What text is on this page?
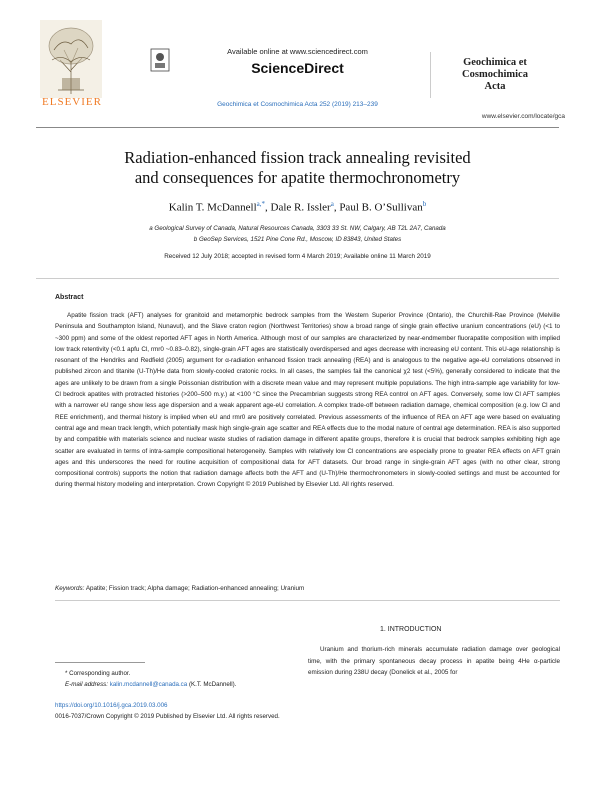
ELSEVIER
Available online at www.sciencedirect.com
ScienceDirect
Geochimica et Cosmochimica Acta 252 (2019) 213–239
Geochimica et
Cosmochimica
Acta
www.elsevier.com/locate/gca
Radiation-enhanced fission track annealing revisited
and consequences for apatite thermochronometry
Kalin T. McDannell$^{a,*}$, Dale R. Issler$^a$, Paul B. O’Sullivan$^b$
a Geological Survey of Canada, Natural Resources Canada, 3303 33 St. NW, Calgary, AB T2L 2A7, Canada
b GeoSep Services, 1521 Pine Cone Rd., Moscow, ID 83843, United States
Received 12 July 2018; accepted in revised form 4 March 2019; Available online 11 March 2019
Abstract
Apatite fission track (AFT) analyses for granitoid and metamorphic bedrock samples from the Western Superior Province (Ontario), the Churchill-Rae Province (Melville Peninsula and Southampton Island, Nunavut), and the Slave craton region (Northwest Territories) show a broad range of single grain effective uranium concentrations (eU) (<1 to ~300 ppm) and some of the oldest reported AFT ages in North America. Although most of our samples are characterized by near-endmember fluorapatite composition with implied low track retentivity (<0.1 apfu Cl, rmr0 ~0.83–0.82), single-grain AFT ages are statistically overdispersed and ages decrease with increasing eU content. This eU-age relationship is resonant of the Hendriks and Redfield (2005) argument for α-radiation enhanced fission track annealing (REA) and is analogous to the negative age-eU correlations observed in published zircon and titanite (U-Th)/He data from slowly-cooled cratonic rocks. In all cases, the samples fail the canonical χ2 test (<5%), generally considered to indicate that the ages are unlikely to be drawn from a single Poissonian distribution with a discrete mean value and may represent multiple populations. The high intra-sample age variability for low-Cl bedrock apatites with protracted histories (>200–500 m.y.) at <100 °C since the Precambrian suggests strong REA control on AFT ages. Conversely, some low Cl AFT samples with a narrower eU range show less age dispersion and a weak apparent age-eU correlation. A complex trade-off between radiation damage, chemical composition (e.g. low Cl and REE enrichment), and thermal history is implied when eU and rmr0 are positively correlated. Previous assessments of the influence of REA on AFT age were based on evaluating central age and mean track length, which potentially mask high single-grain age scatter and REA effects due to the modal nature of central age determination. REA is also supported by and compatible with materials science and nuclear waste studies of radiation damage in different apatite groups, therefore it is crucial that bedrock samples exhibiting high age scatter are evaluated in terms of intra-sample compositional heterogeneity. Samples with relatively low Cl concentrations are especially prone to greater REA effects on AFT grain ages and this underscores the need for routine acquisition of compositional data for AFT datasets. Our broad range in single-grain AFT ages (with no other clear, strong compositional controls) supports the notion that radiation damage affects both the AFT and (U-Th)/He thermochronometers in slowly-cooled settings and must be accounted for during thermal history modeling and interpretation. Crown Copyright © 2019 Published by Elsevier Ltd. All rights reserved.
Keywords: Apatite; Fission track; Alpha damage; Radiation-enhanced annealing; Uranium
1. INTRODUCTION
Uranium and thorium-rich minerals accumulate radiation damage over geological time, with the primary spontaneous decay process in apatite being 4He α-particle emission during 238U decay (Donelick et al., 2005 for
* Corresponding author.
E-mail address: kalin.mcdannell@canada.ca (K.T. McDannell).
https://doi.org/10.1016/j.gca.2019.03.006
0016-7037/Crown Copyright © 2019 Published by Elsevier Ltd. All rights reserved.
